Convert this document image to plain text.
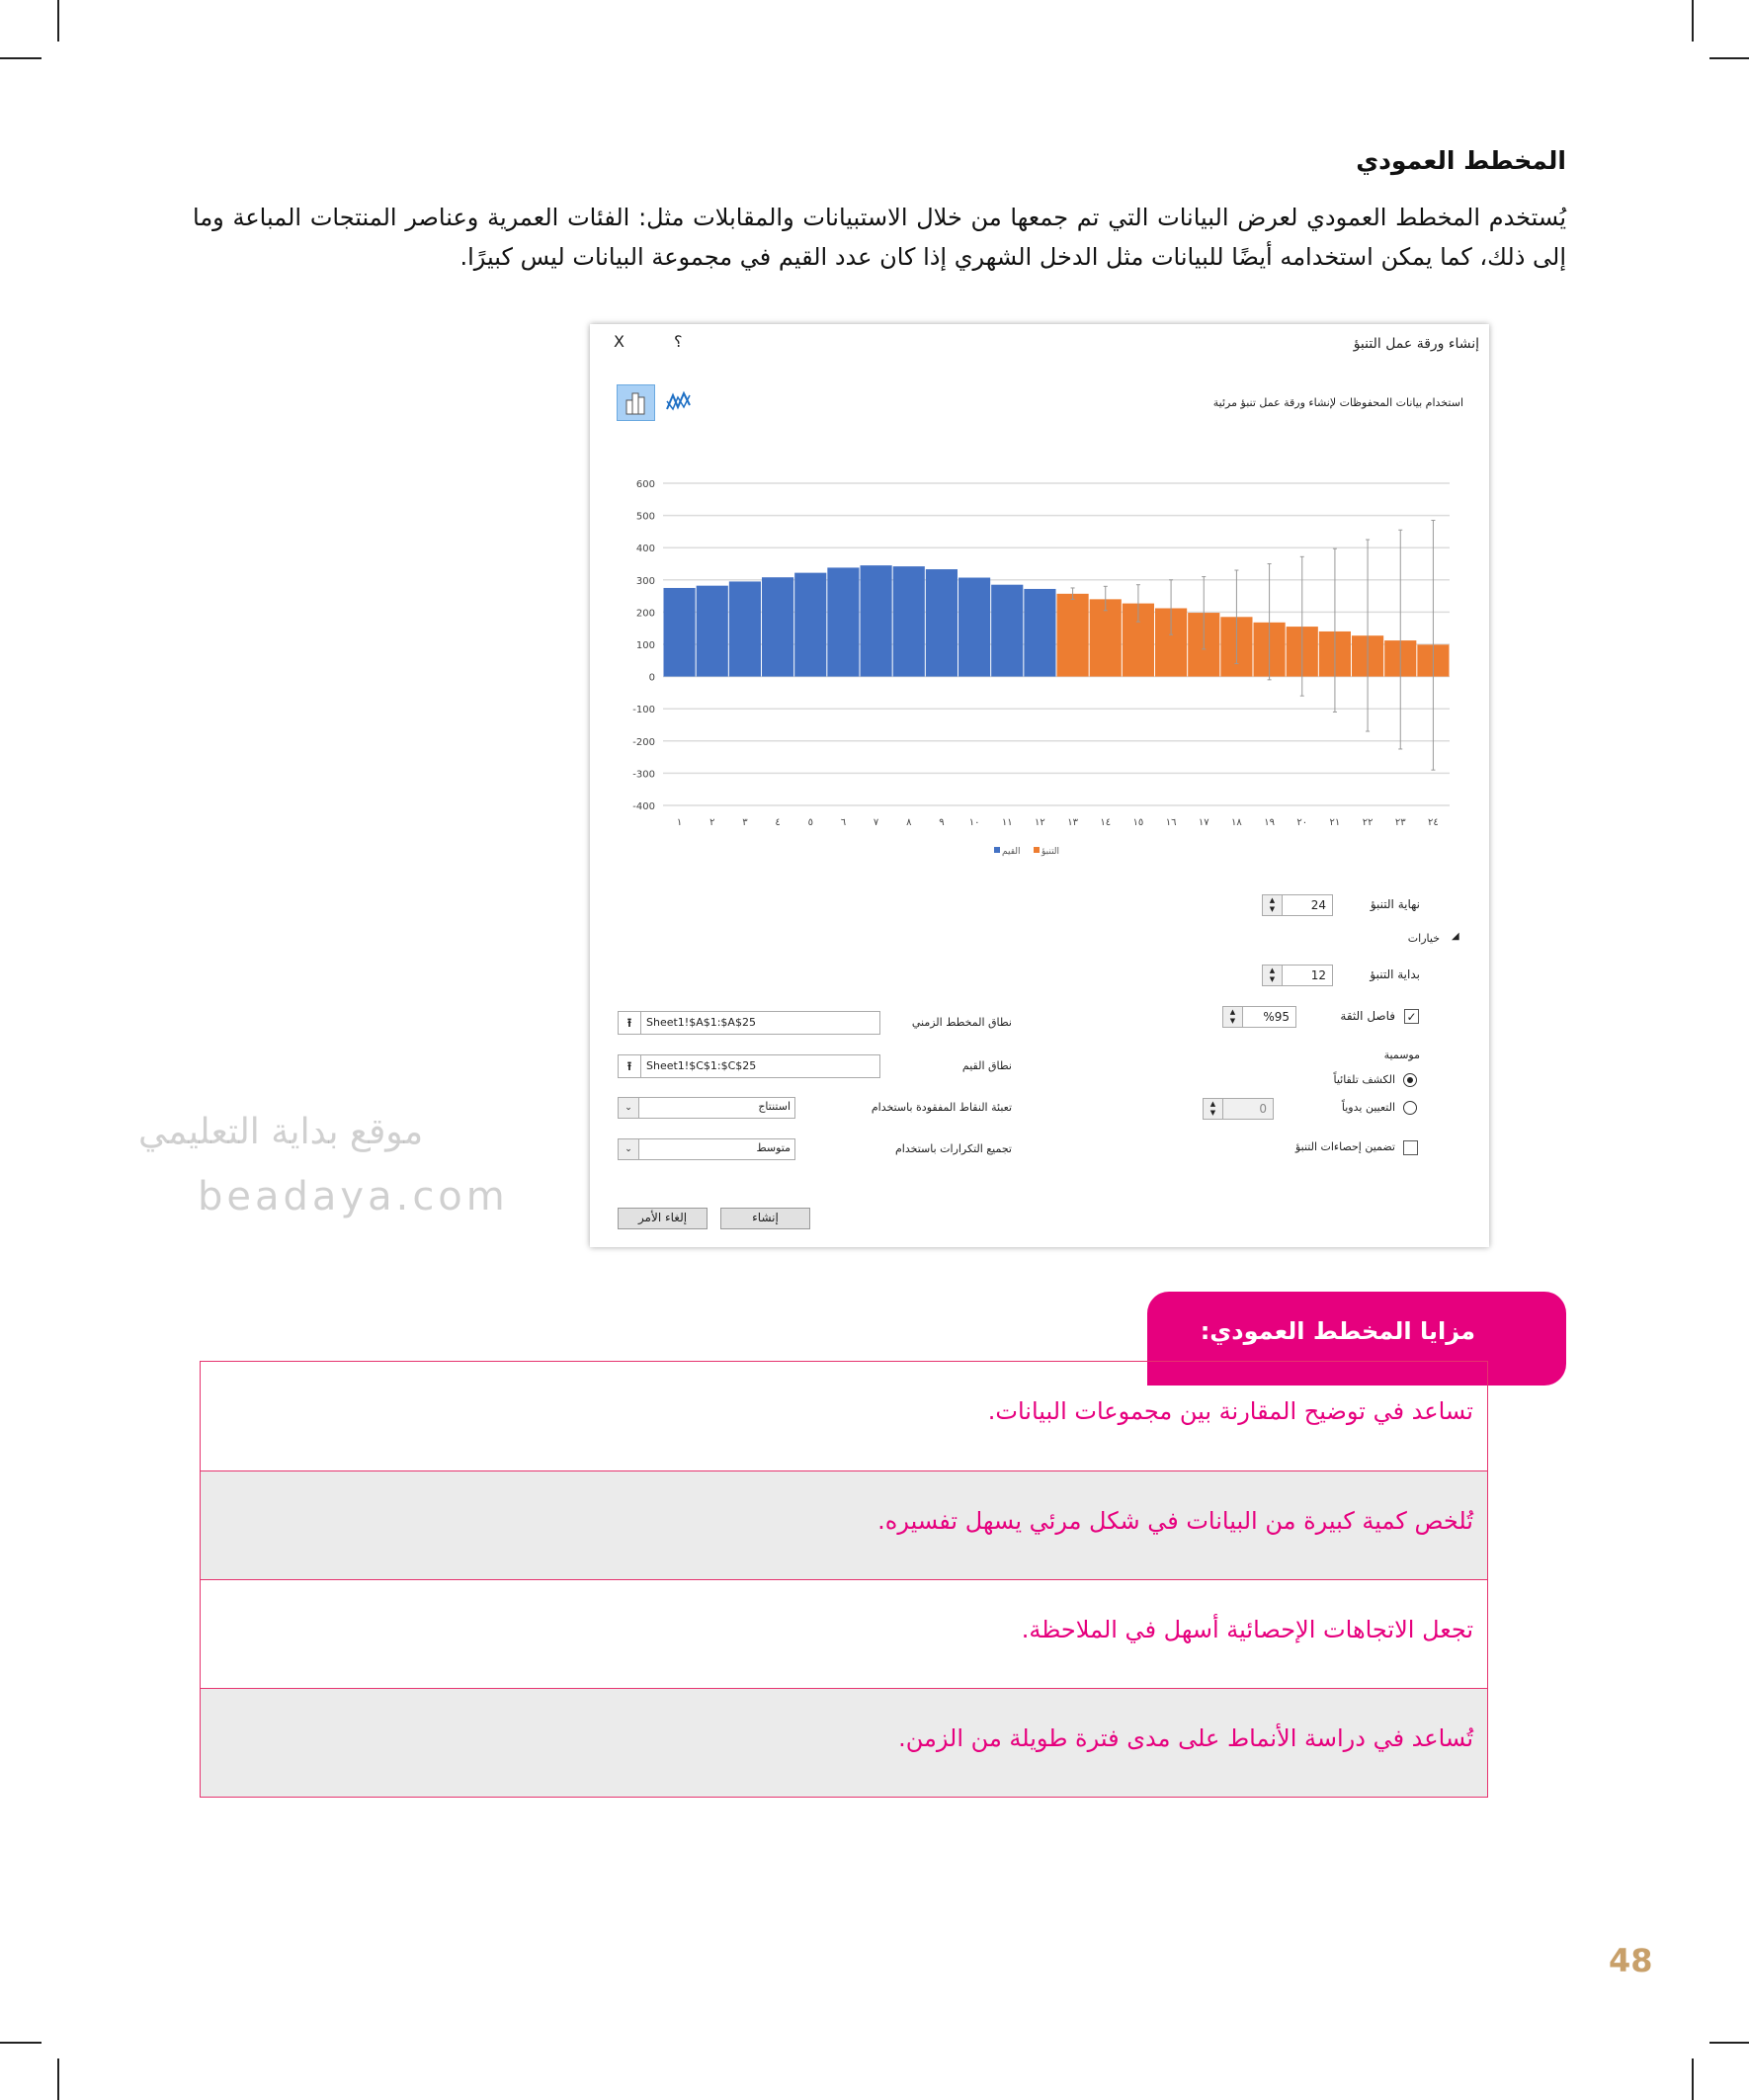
المخطط العمودي
يُستخدم المخطط العمودي لعرض البيانات التي تم جمعها من خلال الاستبيانات والمقابلات مثل: الفئات العمرية وعناصر المنتجات المباعة وما إلى ذلك، كما يمكن استخدامه أيضًا للبيانات مثل الدخل الشهري إذا كان عدد القيم في مجموعة البيانات ليس كبيرًا.
موقع بداية التعليمي
beadaya.com
إنشاء ورقة عمل التنبؤ
؟
X
استخدام بيانات المحفوظات لإنشاء ورقة عمل تنبؤ مرئية
600
500
400
300
200
100
0
-100
-200
-300
-400
١	٢	٣	٤	٥	٦	٧	٨	٩	١٠ ١١ ١٢ ١٣ ١٤ ١٥ ١٦ ١٧ ١٨ ١٩ ٢٠ ٢١ ٢٢ ٢٣ ٢٤
القيم التنبؤ
نهاية التنبؤ
▲
▼	24
خيارات ◢
بداية التنبؤ
▲
▼	12
✓
فاصل الثقة
▲
▼	%95
موسمية
الكشف تلقائياً
التعيين يدوياً
▲
▼	0
تضمين إحصاءات التنبؤ
نطاق المخطط الزمني
⭱	Sheet1!$A$1:$A$25
نطاق القيم
⭱	Sheet1!$C$1:$C$25
تعبئة النقاط المفقودة باستخدام
⌄	استنتاج
تجميع التكرارات باستخدام
⌄	متوسط
إنشاء
إلغاء الأمر
مزايا المخطط العمودي:
تساعد في توضيح المقارنة بين مجموعات البيانات.
تُلخص كمية كبيرة من البيانات في شكل مرئي يسهل تفسيره.
تجعل الاتجاهات الإحصائية أسهل في الملاحظة.
تُساعد في دراسة الأنماط على مدى فترة طويلة من الزمن.
48
